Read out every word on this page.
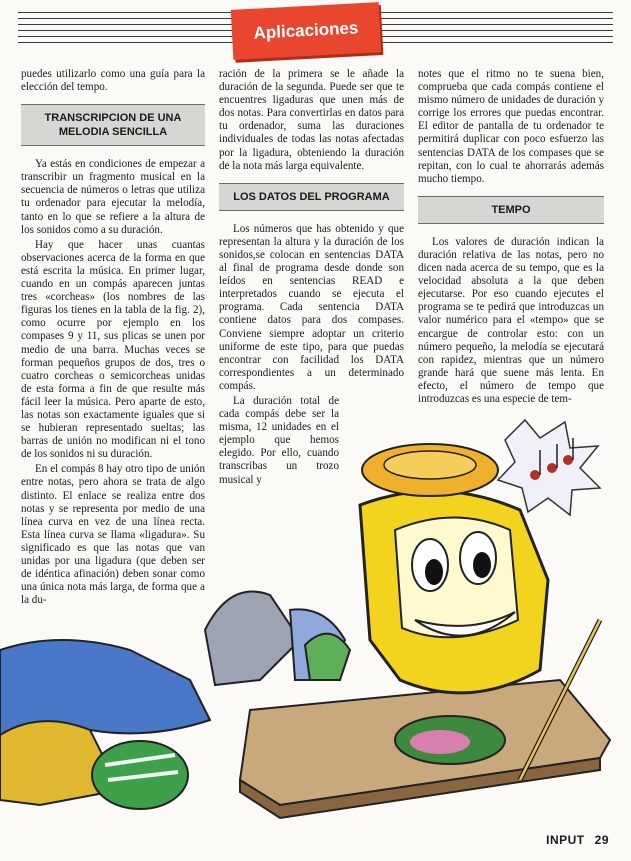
Aplicaciones

puedes utilizarlo como una guía para la elección del tempo.

TRANSCRIPCION DE UNA MELODIA SENCILLA

Ya estás en condiciones de empezar a transcribir un fragmento musical en la secuencia de números o letras que utiliza tu ordenador para ejecutar la melodía, tanto en lo que se refiere a la altura de los sonidos como a su duración.

Hay que hacer unas cuantas observaciones acerca de la forma en que está escrita la música. En primer lugar, cuando en un compás aparecen juntas tres «corcheas» (los nombres de las figuras los tienes en la tabla de la fig. 2), como ocurre por ejemplo en los compases 9 y 11, sus plicas se unen por medio de una barra. Muchas veces se forman pequeños grupos de dos, tres o cuatro corcheas o semicorcheas unidas de esta forma a fin de que resulte más fácil leer la música. Pero aparte de esto, las notas son exactamente iguales que si se hubieran representado sueltas; las barras de unión no modifican ni el tono de los sonidos ni su duración.

En el compás 8 hay otro tipo de unión entre notas, pero ahora se trata de algo distinto. El enlace se realiza entre dos notas y se representa por medio de una línea curva en vez de una línea recta. Esta línea curva se llama «ligadura». Su significado es que las notas que van unidas por una ligadura (que deben ser de idéntica afinación) deben sonar como una única nota más larga, de forma que a la du-

ración de la primera se le añade la duración de la segunda. Puede ser que te encuentres ligaduras que unen más de dos notas. Para convertirlas en datos para tu ordenador, suma las duraciones individuales de todas las notas afectadas por la ligadura, obteniendo la duración de la nota más larga equivalente.

LOS DATOS DEL PROGRAMA

Los números que has obtenido y que representan la altura y la duración de los sonidos,se colocan en sentencias DATA al final de programa desde donde son leídos en sentencias READ e interpretados cuando se ejecuta el programa. Cada sentencia DATA contiene datos para dos compases. Conviene siempre adoptar un criterio uniforme de este tipo, para que puedas encontrar con facilidad los DATA correspondientes a un determinado compás.

La duración total de cada compás debe ser la misma, 12 unidades en el ejemplo que hemos elegido. Por ello, cuando transcribas un trozo musical y

notes que el ritmo no te suena bien, comprueba que cada compás contiene el mismo número de unidades de duración y corrige los errores que puedas encontrar. El editor de pantalla de tu ordenador te permitirá duplicar con poco esfuerzo las sentencias DATA de los compases que se repitan, con lo cual te ahorrarás además mucho tiempo.

TEMPO

Los valores de duración indican la duración relativa de las notas, pero no dicen nada acerca de su tempo, que es la velocidad absoluta a la que deben ejecutarse. Por eso cuando ejecutes el programa se te pedirá que introduzcas un valor numérico para el «tempo» que se encargue de controlar esto: con un número pequeño, la melodía se ejecutará con rapidez, mientras que un número grande hará que suene más lenta. En efecto, el número de tempo que introduzcas es una especie de tem-

INPUT 29
